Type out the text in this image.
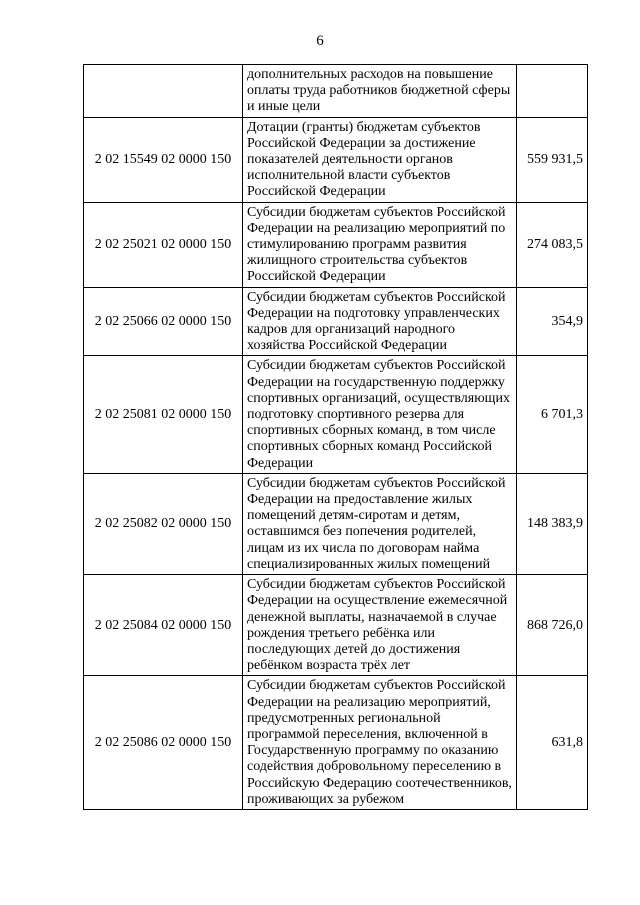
6
	дополнительных расходов на повышение оплаты труда работников бюджетной сферы и иные цели	
2 02 15549 02 0000 150	Дотации (гранты) бюджетам субъектов Российской Федерации за достижение показателей деятельности органов исполнительной власти субъектов Российской Федерации	559 931,5
2 02 25021 02 0000 150	Субсидии бюджетам субъектов Российской Федерации на реализацию мероприятий по стимулированию программ развития жилищного строительства субъектов Российской Федерации	274 083,5
2 02 25066 02 0000 150	Субсидии бюджетам субъектов Российской Федерации на подготовку управленческих кадров для организаций народного хозяйства Российской Федерации	354,9
2 02 25081 02 0000 150	Субсидии бюджетам субъектов Российской Федерации на государственную поддержку спортивных организаций, осуществляющих подготовку спортивного резерва для спортивных сборных команд, в том числе спортивных сборных команд Российской Федерации	6 701,3
2 02 25082 02 0000 150	Субсидии бюджетам субъектов Российской Федерации на предоставление жилых помещений детям-сиротам и детям, оставшимся без попечения родителей, лицам из их числа по договорам найма специализированных жилых помещений	148 383,9
2 02 25084 02 0000 150	Субсидии бюджетам субъектов Российской Федерации на осуществление ежемесячной денежной выплаты, назначаемой в случае рождения третьего ребёнка или последующих детей до достижения ребёнком возраста трёх лет	868 726,0
2 02 25086 02 0000 150	Субсидии бюджетам субъектов Российской Федерации на реализацию мероприятий, предусмотренных региональной программой переселения, включенной в Государственную программу по оказанию содействия добровольному переселению в Российскую Федерацию соотечественников, проживающих за рубежом	631,8
